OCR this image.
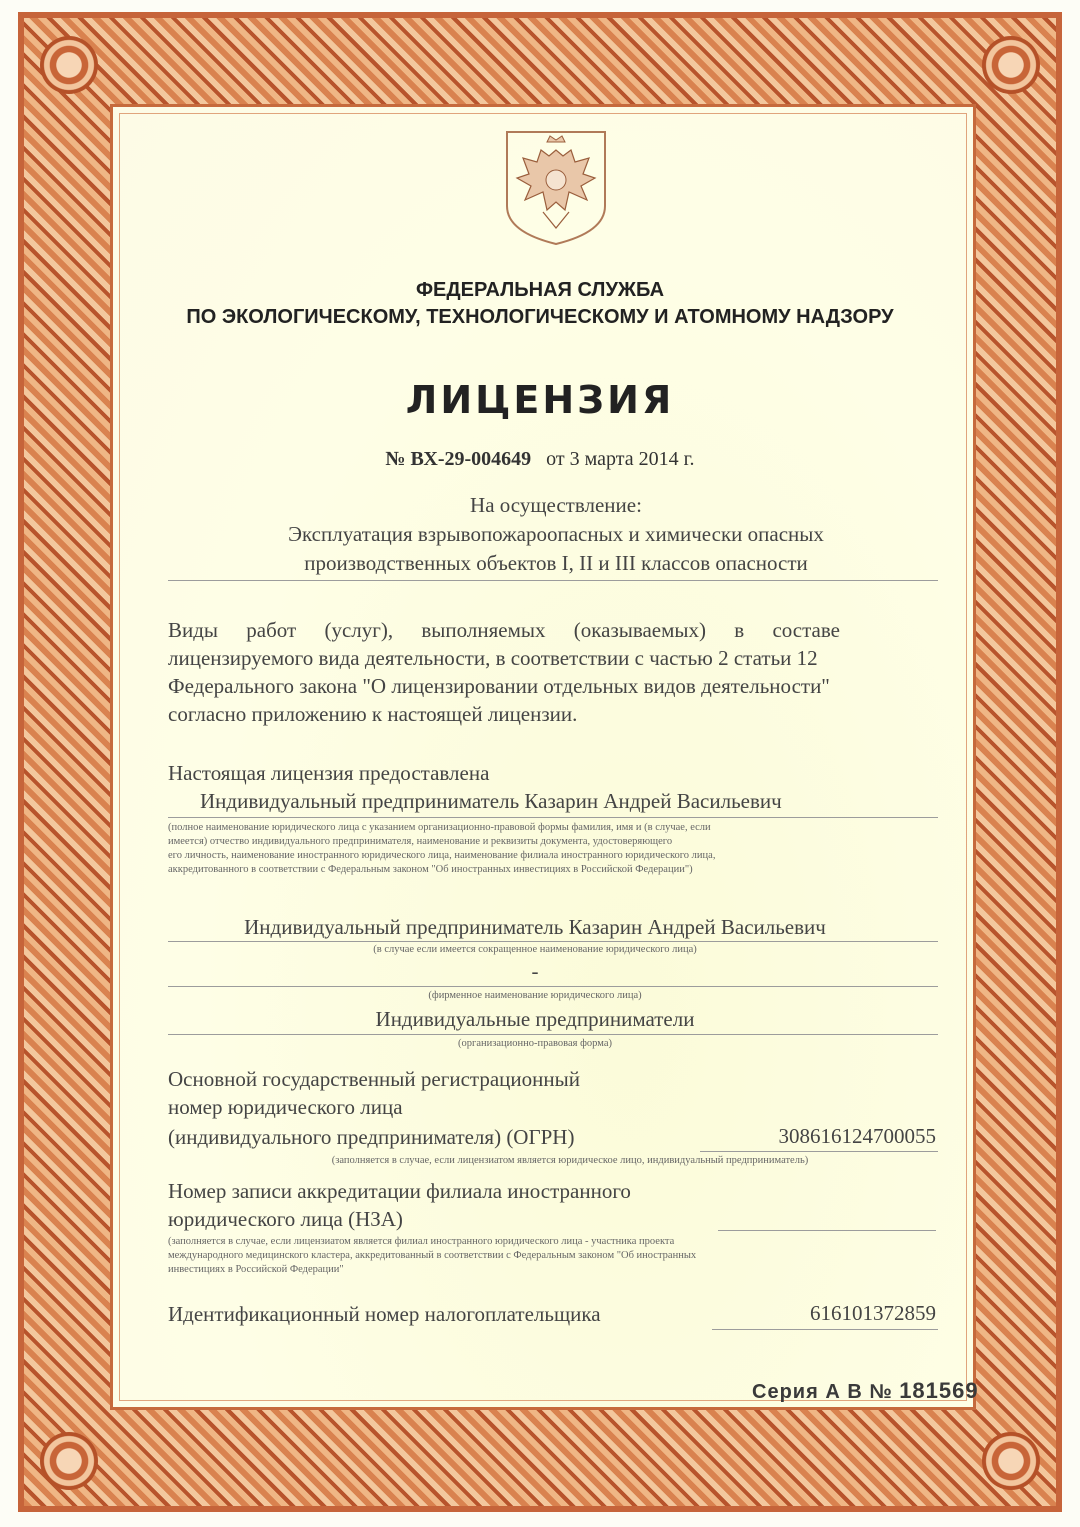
ФЕДЕРАЛЬНАЯ СЛУЖБА
ПО ЭКОЛОГИЧЕСКОМУ, ТЕХНОЛОГИЧЕСКОМУ И АТОМНОМУ НАДЗОРУ
ЛИЦЕНЗИЯ
№ ВХ-29-004649 от 3 марта 2014 г.
На осуществление:
Эксплуатация взрывопожароопасных и химически опасных
производственных объектов I, II и III классов опасности
Виды работ (услуг), выполняемых (оказываемых) в составе
лицензируемого вида деятельности, в соответствии с частью 2 статьи 12
Федерального закона "О лицензировании отдельных видов деятельности"
согласно приложению к настоящей лицензии.
Настоящая лицензия предоставлена
Индивидуальный предприниматель Казарин Андрей Васильевич
(полное наименование юридического лица с указанием организационно-правовой формы фамилия, имя и (в случае, если
имеется) отчество индивидуального предпринимателя, наименование и реквизиты документа, удостоверяющего
его личность, наименование иностранного юридического лица, наименование филиала иностранного юридического лица,
аккредитованного в соответствии с Федеральным законом "Об иностранных инвестициях в Российской Федерации")
Индивидуальный предприниматель Казарин Андрей Васильевич
(в случае если имеется сокращенное наименование юридического лица)
-
(фирменное наименование юридического лица)
Индивидуальные предприниматели
(организационно-правовая форма)
Основной государственный регистрационный
номер юридического лица
(индивидуального предпринимателя) (ОГРН)	308616124700055
(заполняется в случае, если лицензиатом является юридическое лицо, индивидуальный предприниматель)
Номер записи аккредитации филиала иностранного
юридического лица (НЗА)
(заполняется в случае, если лицензиатом является филиал иностранного юридического лица - участника проекта
международного медицинского кластера, аккредитованный в соответствии с Федеральным законом "Об иностранных
инвестициях в Российской Федерации"
Идентификационный номер налогоплательщика	616101372859
Серия А В № 181569
